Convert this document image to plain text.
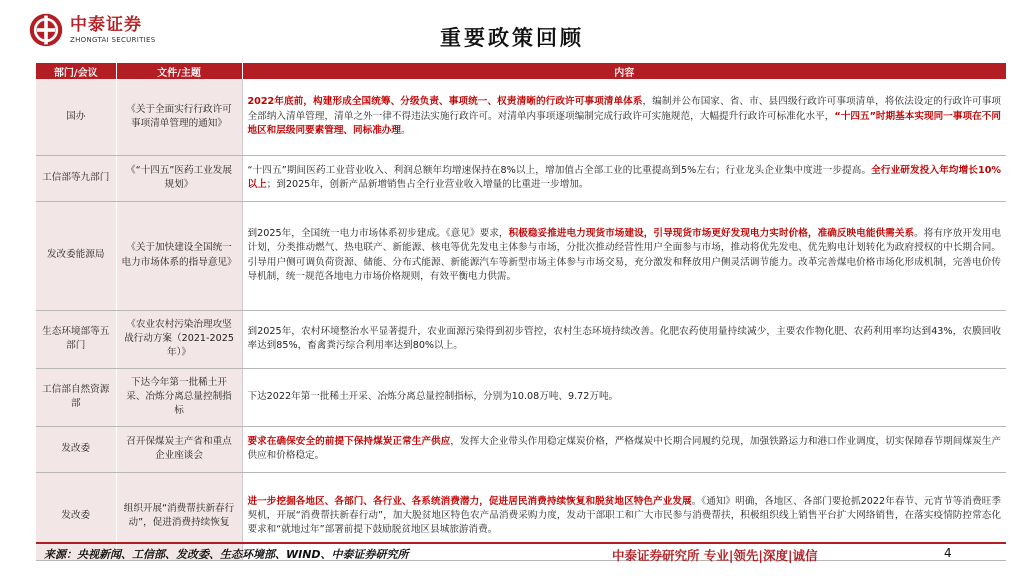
中泰证券
ZHONGTAI SECURITIES	重要政策回顾
部门/会议	文件/主题	内容
国办	《关于全面实行行政许可事项清单管理的通知》	2022年底前，构建形成全国统筹、分级负责、事项统一、权责清晰的行政许可事项清单体系，编制并公布国家、省、市、县四级行政许可事项清单，将依法设定的行政许可事项全部纳入清单管理，清单之外一律不得违法实施行政许可。对清单内事项逐项编制完成行政许可实施规范，大幅提升行政许可标准化水平，“十四五”时期基本实现同一事项在不同地区和层级同要素管理、同标准办理。
工信部等九部门	《“十四五”医药工业发展规划》	“十四五”期间医药工业营业收入、利润总额年均增速保持在8%以上，增加值占全部工业的比重提高到5%左右；行业龙头企业集中度进一步提高。全行业研发投入年均增长10%以上；到2025年，创新产品新增销售占全行业营业收入增量的比重进一步增加。
发改委能源局	《关于加快建设全国统一电力市场体系的指导意见》	到2025年，全国统一电力市场体系初步建成。《意见》要求，积极稳妥推进电力现货市场建设，引导现货市场更好发现电力实时价格，准确反映电能供需关系。将有序放开发用电计划，分类推动燃气、热电联产、新能源、核电等优先发电主体参与市场，分批次推动经营性用户全面参与市场，推动将优先发电、优先购电计划转化为政府授权的中长期合同。引导用户侧可调负荷资源、储能、分布式能源、新能源汽车等新型市场主体参与市场交易，充分激发和释放用户侧灵活调节能力。改革完善煤电价格市场化形成机制，完善电价传导机制，统一规范各地电力市场价格规则，有效平衡电力供需。
生态环境部等五部门	《农业农村污染治理攻坚战行动方案（2021-2025年）》	到2025年，农村环境整治水平显著提升，农业面源污染得到初步管控，农村生态环境持续改善。化肥农药使用量持续减少，主要农作物化肥、农药利用率均达到43%，农膜回收率达到85%，畜禽粪污综合利用率达到80%以上。
工信部自然资源部	下达今年第一批稀土开采、冶炼分离总量控制指标	下达2022年第一批稀土开采、冶炼分离总量控制指标，分别为10.08万吨、9.72万吨。
发改委	召开保煤炭主产省和重点企业座谈会	要求在确保安全的前提下保持煤炭正常生产供应，发挥大企业带头作用稳定煤炭价格，严格煤炭中长期合同履约兑现，加强铁路运力和港口作业调度，切实保障春节期间煤炭生产供应和价格稳定。
发改委	组织开展“消费帮扶新春行动”，促进消费持续恢复	进一步挖掘各地区、各部门、各行业、各系统消费潜力，促进居民消费持续恢复和脱贫地区特色产业发展。《通知》明确，各地区、各部门要抢抓2022年春节、元宵节等消费旺季契机，开展“消费帮扶新春行动”，加大脱贫地区特色农产品消费采购力度，发动干部职工和广大市民参与消费帮扶，积极组织线上销售平台扩大网络销售，在落实疫情防控常态化要求和“就地过年”部署前提下鼓励脱贫地区县城旅游消费。
来源：央视新闻、工信部、发改委、生态环境部、WIND、中泰证券研究所	中泰证券研究所 专业|领先|深度|诚信	4
